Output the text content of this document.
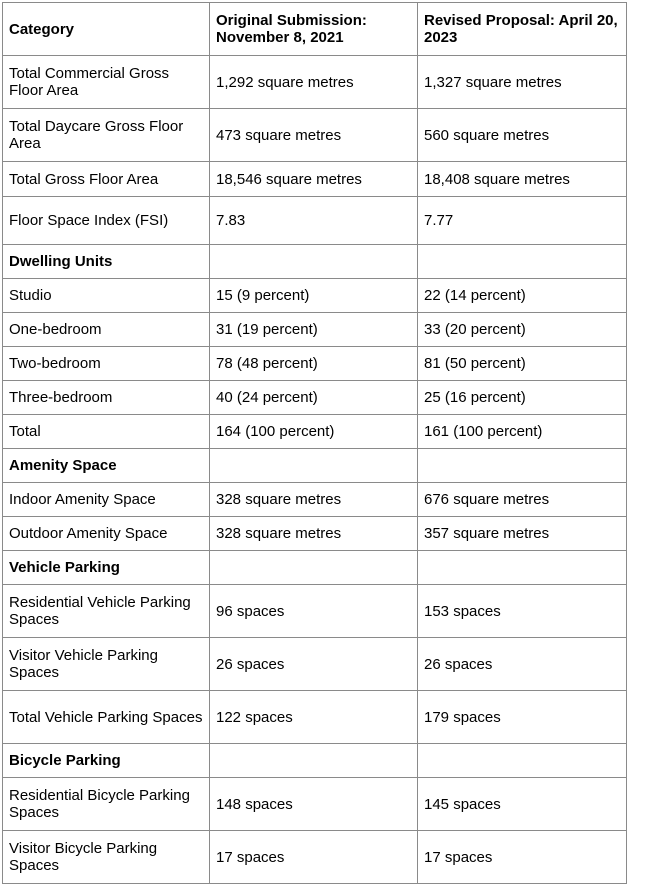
Category	Original Submission: November 8, 2021	Revised Proposal: April 20, 2023
Total Commercial Gross Floor Area	1,292 square metres	1,327 square metres
Total Daycare Gross Floor Area	473 square metres	560 square metres
Total Gross Floor Area	18,546 square metres	18,408 square metres
Floor Space Index (FSI)	7.83	7.77
Dwelling Units		
Studio	15 (9 percent)	22 (14 percent)
One-bedroom	31 (19 percent)	33 (20 percent)
Two-bedroom	78 (48 percent)	81 (50 percent)
Three-bedroom	40 (24 percent)	25 (16 percent)
Total	164 (100 percent)	161 (100 percent)
Amenity Space		
Indoor Amenity Space	328 square metres	676 square metres
Outdoor Amenity Space	328 square metres	357 square metres
Vehicle Parking		
Residential Vehicle Parking Spaces	96 spaces	153 spaces
Visitor Vehicle Parking Spaces	26 spaces	26 spaces
Total Vehicle Parking Spaces	122 spaces	179 spaces
Bicycle Parking		
Residential Bicycle Parking Spaces	148 spaces	145 spaces
Visitor Bicycle Parking Spaces	17 spaces	17 spaces
